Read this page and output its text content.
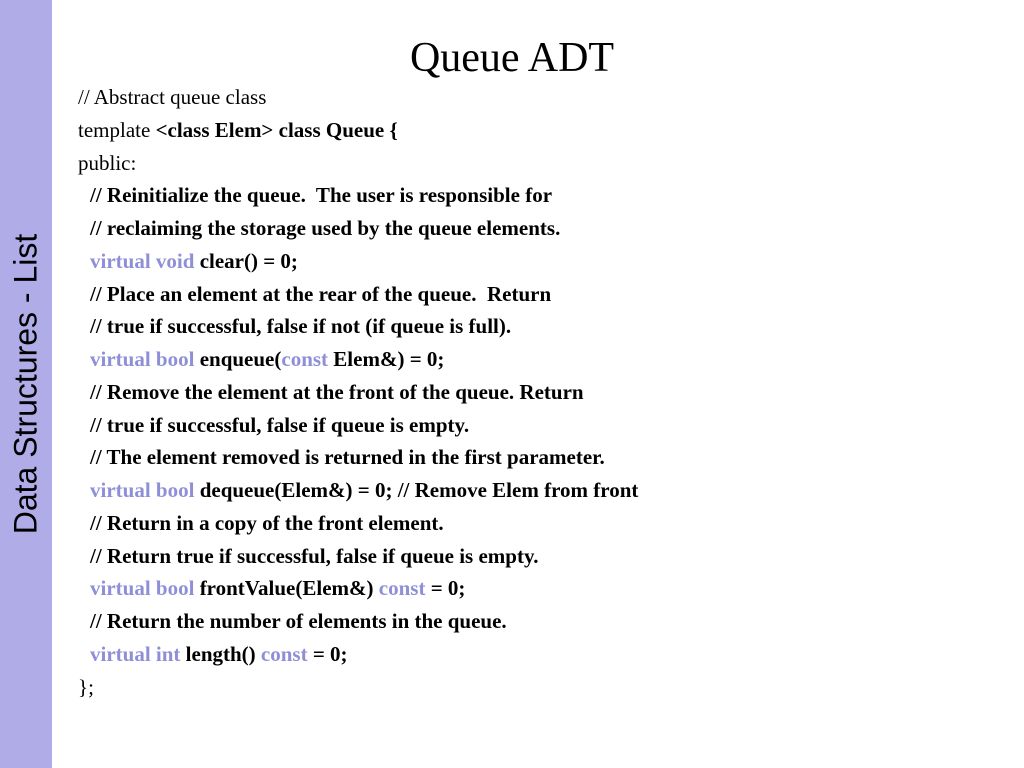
Data Structures - List
Queue ADT
// Abstract queue class
template <class Elem> class Queue {
public:
// Reinitialize the queue.  The user is responsible for
// reclaiming the storage used by the queue elements.
virtual void clear() = 0;
// Place an element at the rear of the queue.  Return
// true if successful, false if not (if queue is full).
virtual bool enqueue(const Elem&) = 0;
// Remove the element at the front of the queue. Return
// true if successful, false if queue is empty.
// The element removed is returned in the first parameter.
virtual bool dequeue(Elem&) = 0; // Remove Elem from front
// Return in a copy of the front element.
// Return true if successful, false if queue is empty.
virtual bool frontValue(Elem&) const = 0;
// Return the number of elements in the queue.
virtual int length() const = 0;
};
